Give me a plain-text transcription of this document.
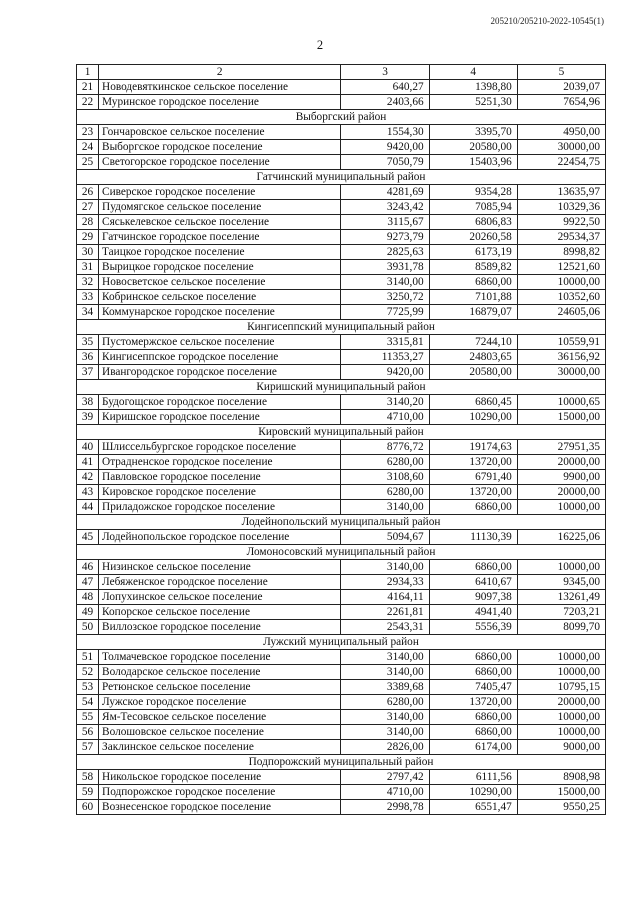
205210/205210-2022-10545(1)
2
1	2	3	4	5
21	Новодевяткинское сельское поселение	640,27	1398,80	2039,07
22	Муринское городское поселение	2403,66	5251,30	7654,96
Выборгский район				
23	Гончаровское сельское поселение	1554,30	3395,70	4950,00
24	Выборгское городское поселение	9420,00	20580,00	30000,00
25	Светогорское городское поселение	7050,79	15403,96	22454,75
Гатчинский муниципальный район				
26	Сиверское городское поселение	4281,69	9354,28	13635,97
27	Пудомягское сельское поселение	3243,42	7085,94	10329,36
28	Сяськелевское сельское поселение	3115,67	6806,83	9922,50
29	Гатчинское городское поселение	9273,79	20260,58	29534,37
30	Таицкое городское поселение	2825,63	6173,19	8998,82
31	Вырицкое городское поселение	3931,78	8589,82	12521,60
32	Новосветское сельское поселение	3140,00	6860,00	10000,00
33	Кобринское сельское поселение	3250,72	7101,88	10352,60
34	Коммунарское городское поселение	7725,99	16879,07	24605,06
Кингисеппский муниципальный район				
35	Пустомержское сельское поселение	3315,81	7244,10	10559,91
36	Кингисеппское городское поселение	11353,27	24803,65	36156,92
37	Ивангородское городское поселение	9420,00	20580,00	30000,00
Киришский муниципальный район				
38	Будогощское городское поселение	3140,20	6860,45	10000,65
39	Киришское городское поселение	4710,00	10290,00	15000,00
Кировский муниципальный район				
40	Шлиссельбургское городское поселение	8776,72	19174,63	27951,35
41	Отрадненское городское поселение	6280,00	13720,00	20000,00
42	Павловское городское поселение	3108,60	6791,40	9900,00
43	Кировское городское поселение	6280,00	13720,00	20000,00
44	Приладожское городское поселение	3140,00	6860,00	10000,00
Лодейнопольский муниципальный район				
45	Лодейнопольское городское поселение	5094,67	11130,39	16225,06
Ломоносовский муниципальный район				
46	Низинское сельское поселение	3140,00	6860,00	10000,00
47	Лебяженское городское поселение	2934,33	6410,67	9345,00
48	Лопухинское сельское поселение	4164,11	9097,38	13261,49
49	Копорское сельское поселение	2261,81	4941,40	7203,21
50	Виллозское городское поселение	2543,31	5556,39	8099,70
Лужский муниципальный район				
51	Толмачевское городское поселение	3140,00	6860,00	10000,00
52	Володарское сельское поселение	3140,00	6860,00	10000,00
53	Ретюнское сельское поселение	3389,68	7405,47	10795,15
54	Лужское городское поселение	6280,00	13720,00	20000,00
55	Ям-Тесовское сельское поселение	3140,00	6860,00	10000,00
56	Волошовское сельское поселение	3140,00	6860,00	10000,00
57	Заклинское сельское поселение	2826,00	6174,00	9000,00
Подпорожский муниципальный район				
58	Никольское городское поселение	2797,42	6111,56	8908,98
59	Подпорожское городское поселение	4710,00	10290,00	15000,00
60	Вознесенское городское поселение	2998,78	6551,47	9550,25
